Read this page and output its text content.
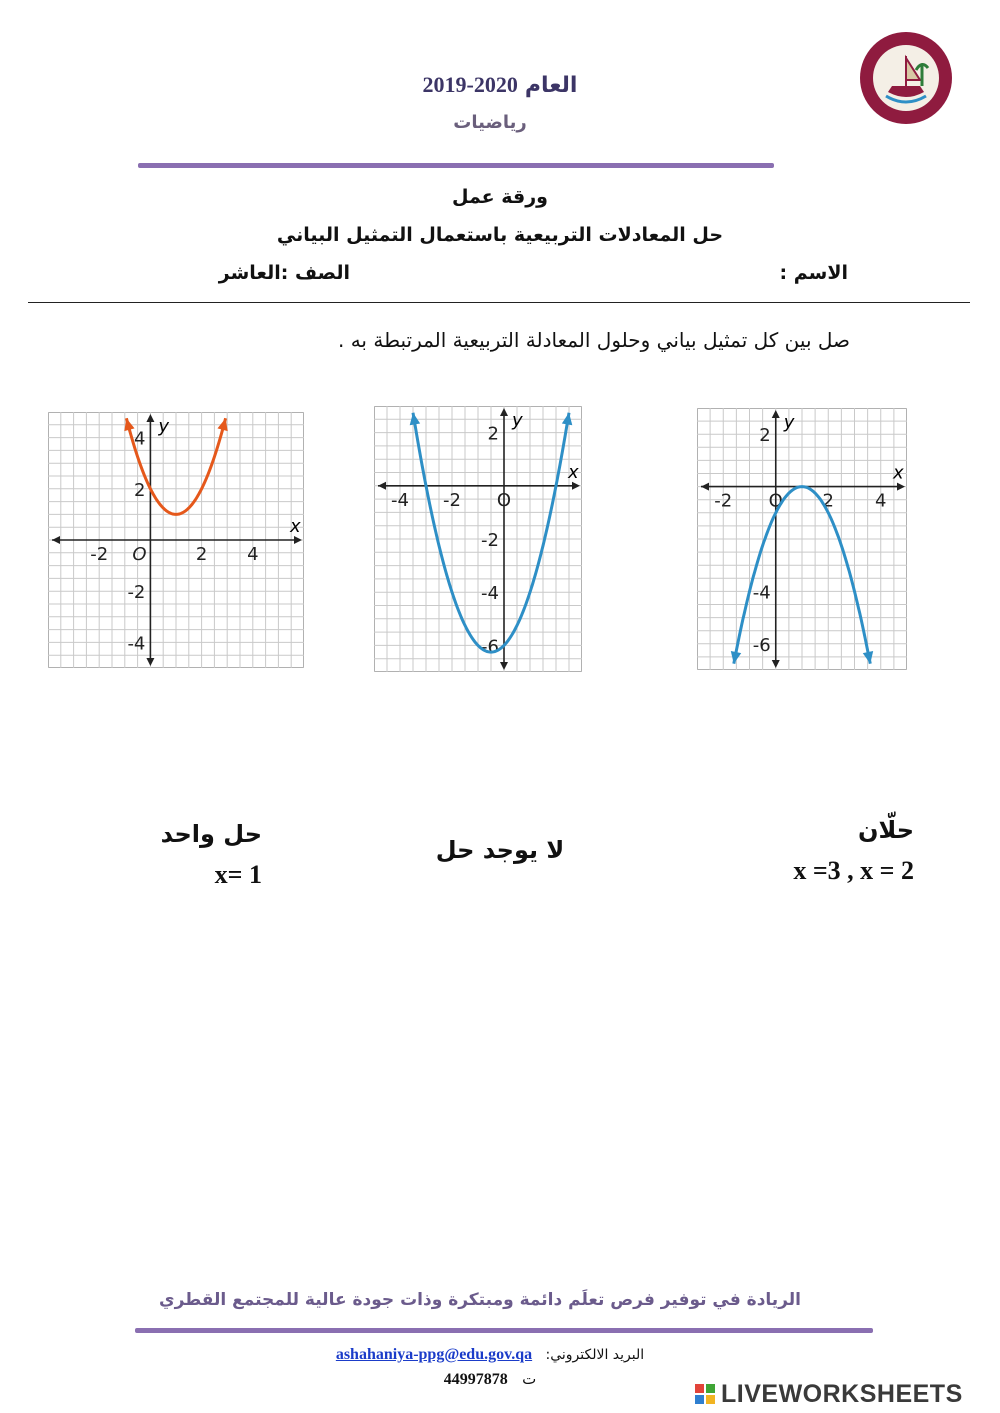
العام 2020-2019
رياضيات
ورقة عمل
حل المعادلات التربيعية باستعمال التمثيل البياني
الاسم :
الصف :العاشر
صل بين كل تمثيل بياني وحلول المعادلة التربيعية المرتبطة به .
x
y
-2	2 4
O
4
2
-2
-4
x
y
-4 -2 O
2
-2
-4
-6
x
y
-2 O 2 4
2
-4
-6
حلّان
x =3 , x = 2
لا يوجد حل
حل واحد
x= 1
الريادة في توفير فرص تعلَم دائمة ومبتكرة وذات جودة عالية للمجتمع القطري
البريد الالكتروني:   ashahaniya-ppg@edu.gov.qa
ت   44997878
	LIVEWORKSHEETS
